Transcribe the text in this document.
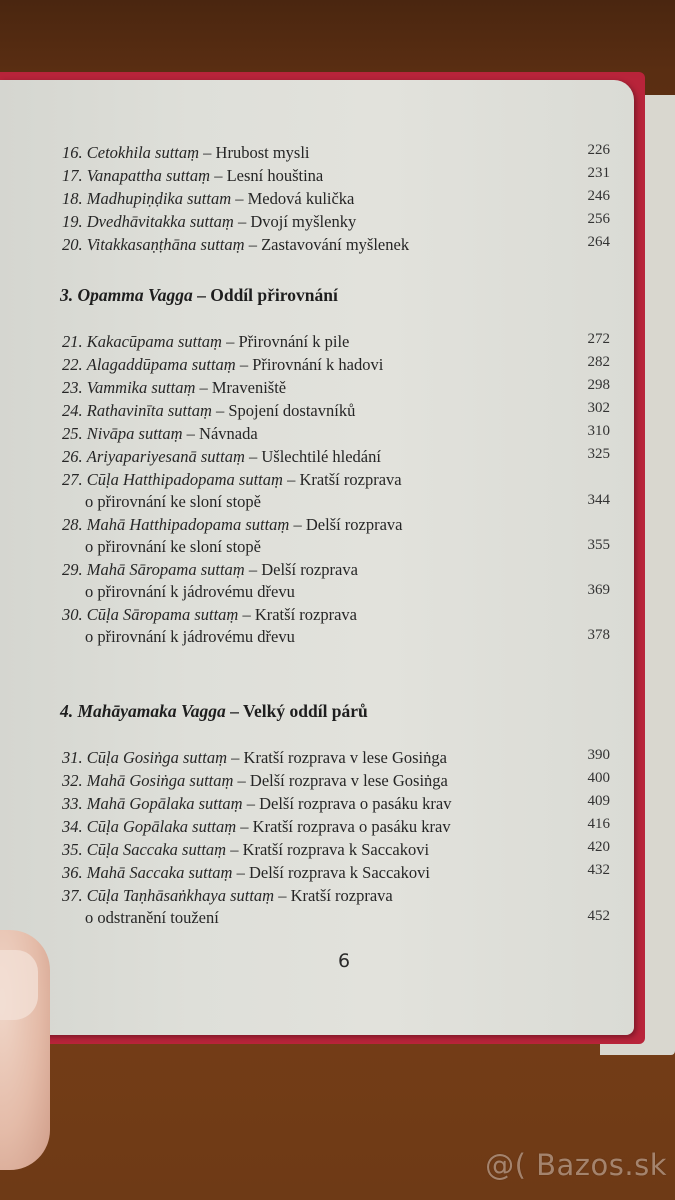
16. Cetokhila suttaṃ – Hrubost mysli	226
17. Vanapattha suttaṃ – Lesní houština	231
18. Madhupiṇḍika suttam – Medová kulička	246
19. Dvedhāvitakka suttaṃ – Dvojí myšlenky	256
20. Vitakkasaṇṭhāna suttaṃ – Zastavování myšlenek	264
3. Opamma Vagga – Oddíl přirovnání
21. Kakacūpama suttaṃ – Přirovnání k pile	272
22. Alagaddūpama suttaṃ – Přirovnání k hadovi	282
23. Vammika suttaṃ – Mraveniště	298
24. Rathavinīta suttaṃ – Spojení dostavníků	302
25. Nivāpa suttaṃ – Návnada	310
26. Ariyapariyesanā suttaṃ – Ušlechtilé hledání	325
27. Cūḷa Hatthipadopama suttaṃ – Kratší rozprava
o přirovnání ke sloní stopě	344
28. Mahā Hatthipadopama suttaṃ – Delší rozprava
o přirovnání ke sloní stopě	355
29. Mahā Sāropama suttaṃ – Delší rozprava
o přirovnání k jádrovému dřevu	369
30. Cūḷa Sāropama suttaṃ – Kratší rozprava
o přirovnání k jádrovému dřevu	378
4. Mahāyamaka Vagga – Velký oddíl párů
31. Cūḷa Gosiṅga suttaṃ – Kratší rozprava v lese Gosiṅga	390
32. Mahā Gosiṅga suttaṃ – Delší rozprava v lese Gosiṅga	400
33. Mahā Gopālaka suttaṃ – Delší rozprava o pasáku krav	409
34. Cūḷa Gopālaka suttaṃ – Kratší rozprava o pasáku krav	416
35. Cūḷa Saccaka suttaṃ – Kratší rozprava k Saccakovi	420
36. Mahā Saccaka suttaṃ – Delší rozprava k Saccakovi	432
37. Cūḷa Taṇhāsaṅkhaya suttaṃ – Kratší rozprava
o odstranění toužení	452
6
@( Bazos.sk
